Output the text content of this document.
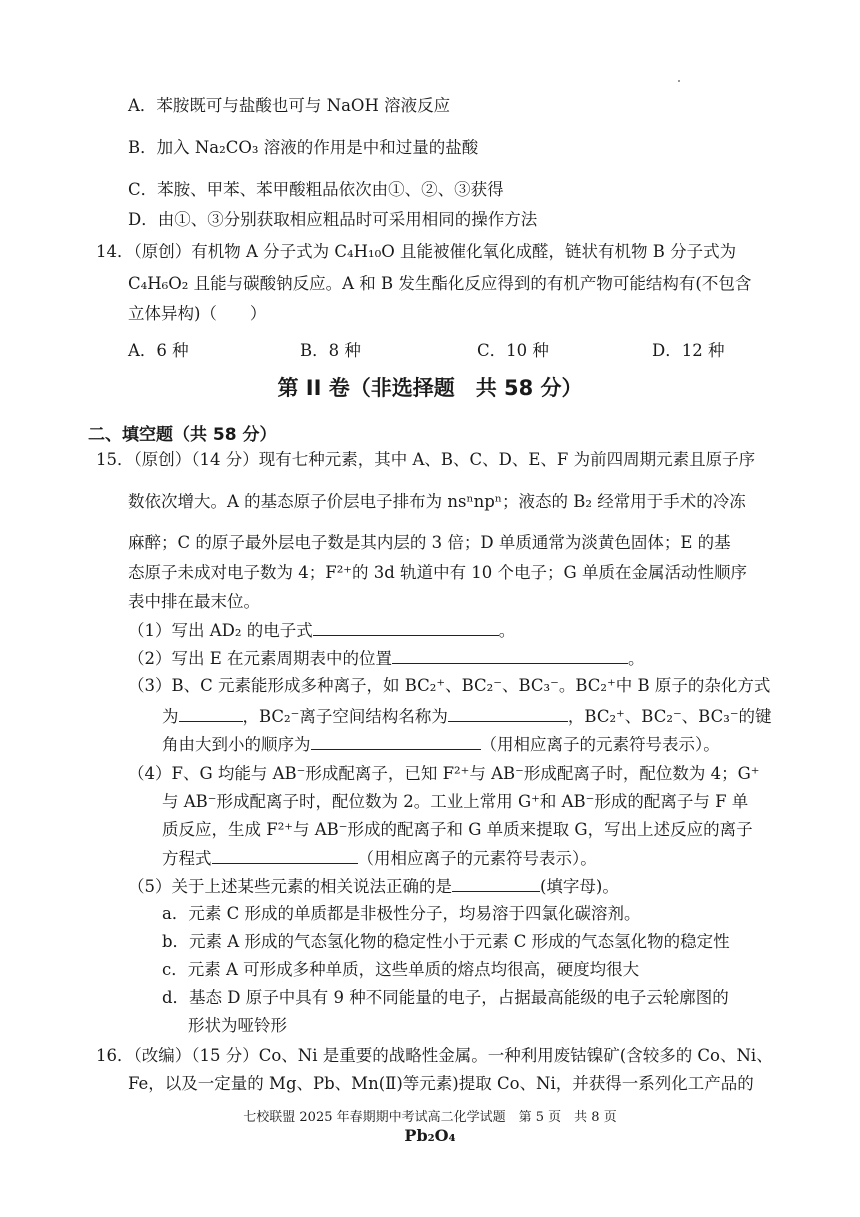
A．苯胺既可与盐酸也可与 NaOH 溶液反应
B．加入 Na₂CO₃ 溶液的作用是中和过量的盐酸
C．苯胺、甲苯、苯甲酸粗品依次由①、②、③获得
D．由①、③分别获取相应粗品时可采用相同的操作方法
14．（原创）有机物 A 分子式为 C₄H₁₀O 且能被催化氧化成醛，链状有机物 B 分子式为
C₄H₆O₂ 且能与碳酸钠反应。A 和 B 发生酯化反应得到的有机产物可能结构有(不包含
立体异构)（　　）
A．6 种	B．8 种	C．10 种	D．12 种
第 II 卷（非选择题　共 58 分）
二、填空题（共 58 分）
15．（原创）（14 分）现有七种元素，其中 A、B、C、D、E、F 为前四周期元素且原子序
数依次增大。A 的基态原子价层电子排布为 nsⁿnpⁿ；液态的 B₂ 经常用于手术的冷冻
麻醉；C 的原子最外层电子数是其内层的 3 倍；D 单质通常为淡黄色固体；E 的基
态原子未成对电子数为 4；F²⁺的 3d 轨道中有 10 个电子；G 单质在金属活动性顺序
表中排在最末位。
（1）写出 AD₂ 的电子式	。
（2）写出 E 在元素周期表中的位置	。
（3）B、C 元素能形成多种离子，如 BC₂⁺、BC₂⁻、BC₃⁻。BC₂⁺中 B 原子的杂化方式
为	，BC₂⁻离子空间结构名称为	，BC₂⁺、BC₂⁻、BC₃⁻的键
角由大到小的顺序为	（用相应离子的元素符号表示）。
（4）F、G 均能与 AB⁻形成配离子，已知 F²⁺与 AB⁻形成配离子时，配位数为 4；G⁺
与 AB⁻形成配离子时，配位数为 2。工业上常用 G⁺和 AB⁻形成的配离子与 F 单
质反应，生成 F²⁺与 AB⁻形成的配离子和 G 单质来提取 G，写出上述反应的离子
方程式	（用相应离子的元素符号表示）。
（5）关于上述某些元素的相关说法正确的是	(填字母)。
a．元素 C 形成的单质都是非极性分子，均易溶于四氯化碳溶剂。
b．元素 A 形成的气态氢化物的稳定性小于元素 C 形成的气态氢化物的稳定性
c．元素 A 可形成多种单质，这些单质的熔点均很高，硬度均很大
d．基态 D 原子中具有 9 种不同能量的电子，占据最高能级的电子云轮廓图的
形状为哑铃形
16．（改编）（15 分）Co、Ni 是重要的战略性金属。一种利用废钴镍矿(含较多的 Co、Ni、
Fe，以及一定量的 Mg、Pb、Mn(Ⅱ)等元素)提取 Co、Ni，并获得一系列化工产品的
七校联盟 2025 年春期期中考试高二化学试题　第 5 页　共 8 页
Pb₂O₄
